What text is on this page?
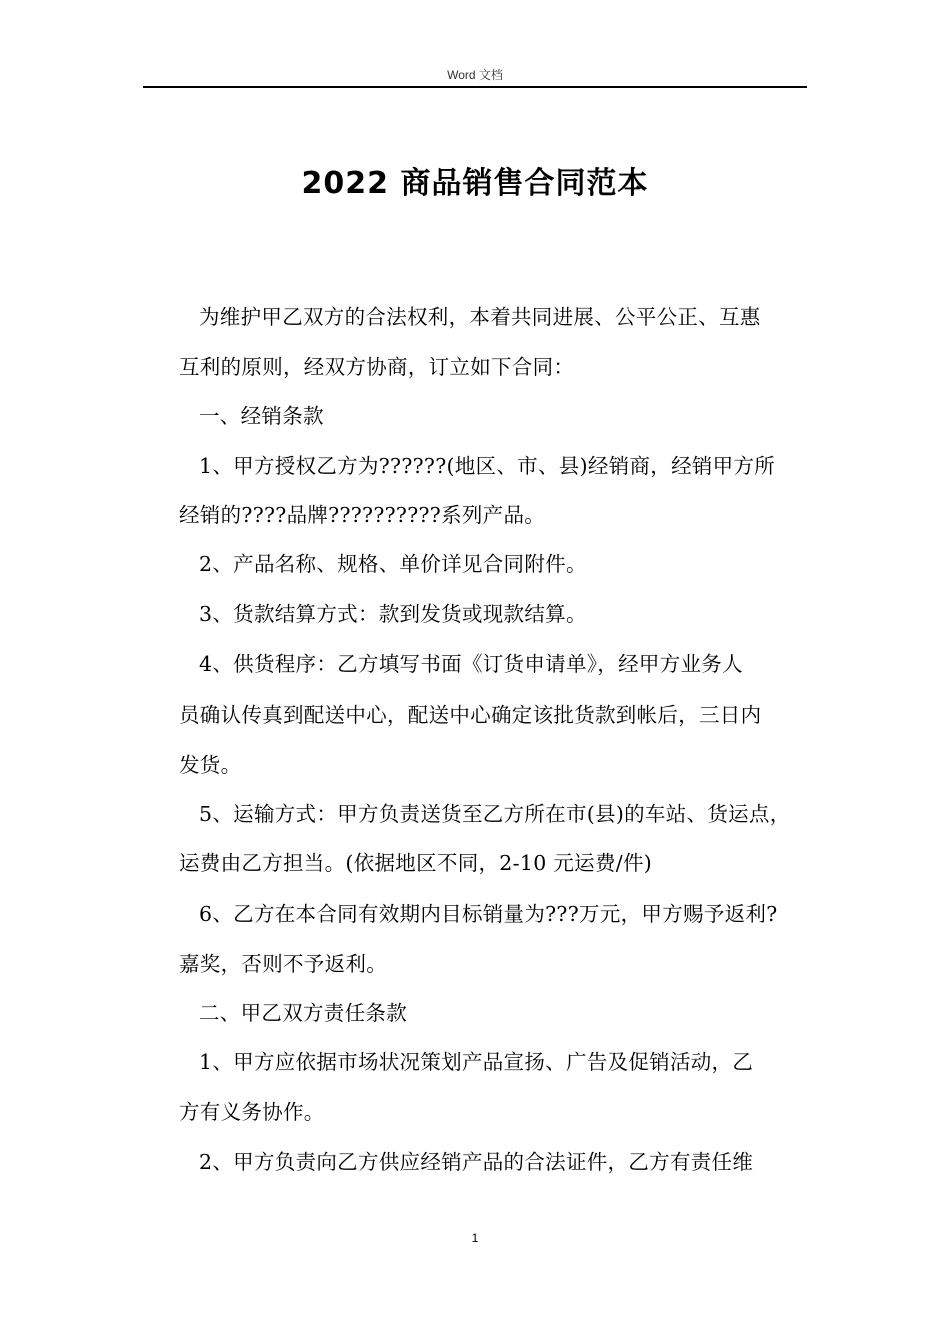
Word 文档
2022 商品销售合同范本
为维护甲乙双方的合法权利，本着共同进展、公平公正、互惠
互利的原则，经双方协商，订立如下合同：
一、经销条款
1、甲方授权乙方为??????(地区、市、县)经销商，经销甲方所
经销的????品牌??????????系列产品。
2、产品名称、规格、单价详见合同附件。
3、货款结算方式：款到发货或现款结算。
4、供货程序：乙方填写书面《订货申请单》，经甲方业务人
员确认传真到配送中心，配送中心确定该批货款到帐后，三日内
发货。
5、运输方式：甲方负责送货至乙方所在市(县)的车站、货运点，
运费由乙方担当。(依据地区不同，2-10 元运费/件)
6、乙方在本合同有效期内目标销量为???万元，甲方赐予返利?
嘉奖，否则不予返利。
二、甲乙双方责任条款
1、甲方应依据市场状况策划产品宣扬、广告及促销活动，乙
方有义务协作。
2、甲方负责向乙方供应经销产品的合法证件，乙方有责任维
1
